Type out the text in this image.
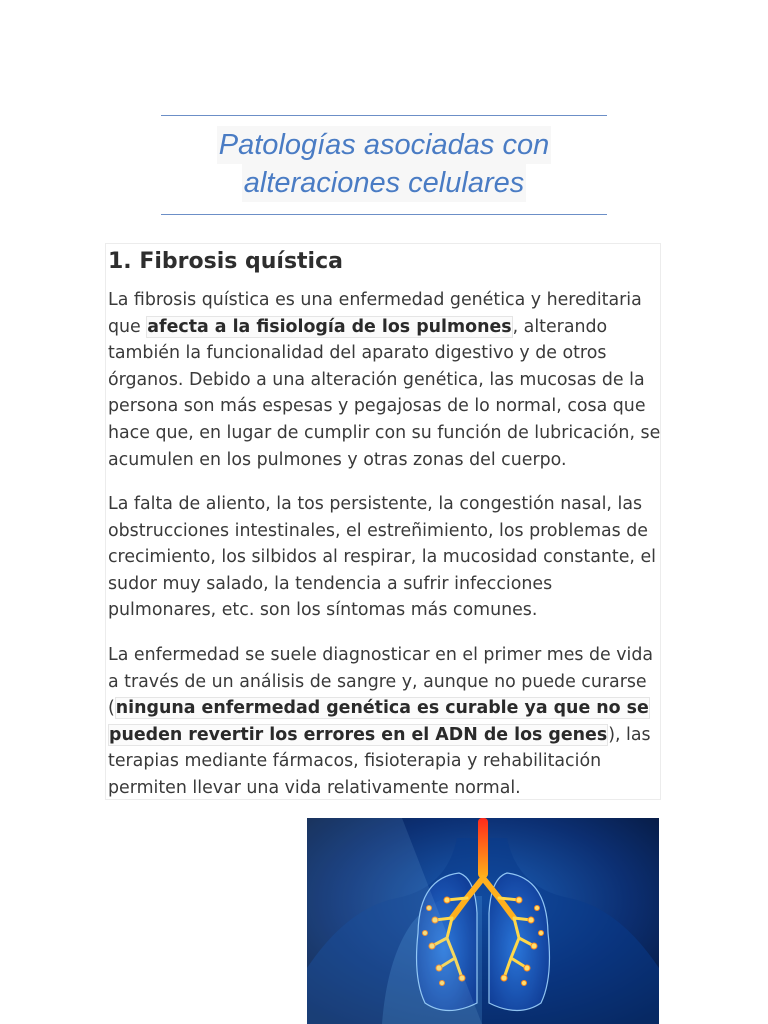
Patologías asociadas con
alteraciones celulares
1. Fibrosis quística

La fibrosis quística es una enfermedad genética y hereditaria
que afecta a la fisiología de los pulmones, alterando
también la funcionalidad del aparato digestivo y de otros
órganos. Debido a una alteración genética, las mucosas de la
persona son más espesas y pegajosas de lo normal, cosa que
hace que, en lugar de cumplir con su función de lubricación, se
acumulen en los pulmones y otras zonas del cuerpo.

La falta de aliento, la tos persistente, la congestión nasal, las
obstrucciones intestinales, el estreñimiento, los problemas de
crecimiento, los silbidos al respirar, la mucosidad constante, el
sudor muy salado, la tendencia a sufrir infecciones
pulmonares, etc. son los síntomas más comunes.

La enfermedad se suele diagnosticar en el primer mes de vida
a través de un análisis de sangre y, aunque no puede curarse
(ninguna enfermedad genética es curable ya que no se
pueden revertir los errores en el ADN de los genes), las
terapias mediante fármacos, fisioterapia y rehabilitación
permiten llevar una vida relativamente normal.
